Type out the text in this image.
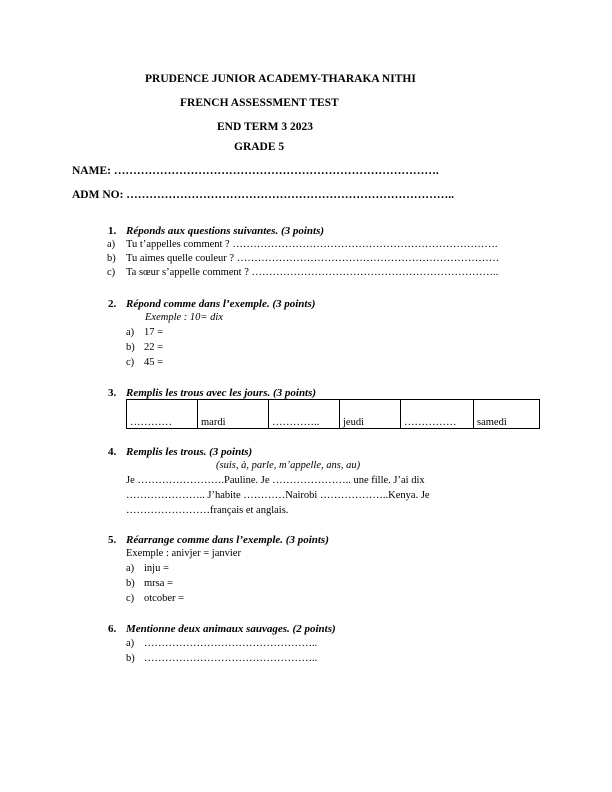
PRUDENCE JUNIOR ACADEMY-THARAKA NITHI
FRENCH ASSESSMENT TEST
END TERM 3 2023
GRADE 5
NAME: ………………………………………………………………………….
ADM NO: …………………………………………………………………………..
1. Réponds aux questions suivantes. (3 points)
a) Tu t’appelles comment ? ………………………………………………………………….
b) Tu aimes quelle couleur ? …………………………………………………………………
c) Ta sœur s’appelle comment ? ……………………………………………………………..
2. Répond comme dans l’exemple. (3 points)
Exemple : 10= dix
a) 17 =
b) 22 =
c) 45 =
3. Remplis les trous avec les jours. (3 points)
…………	mardi	…………..	jeudi	……………	samedi
4. Remplis les trous. (3 points)
(suis, à, parle, m’appelle, ans, au)
Je …………………….Pauline. Je ………………….. une fille. J’ai dix
………………….. J’habite …………Nairobi ………………..Kenya. Je
……………………français et anglais.
5. Réarrange comme dans l’exemple. (3 points)
Exemple : anivjer = janvier
a) inju =
b) mrsa =
c) otcober =
6. Mentionne deux animaux sauvages. (2 points)
a) …………………………………………..
b) …………………………………………..
